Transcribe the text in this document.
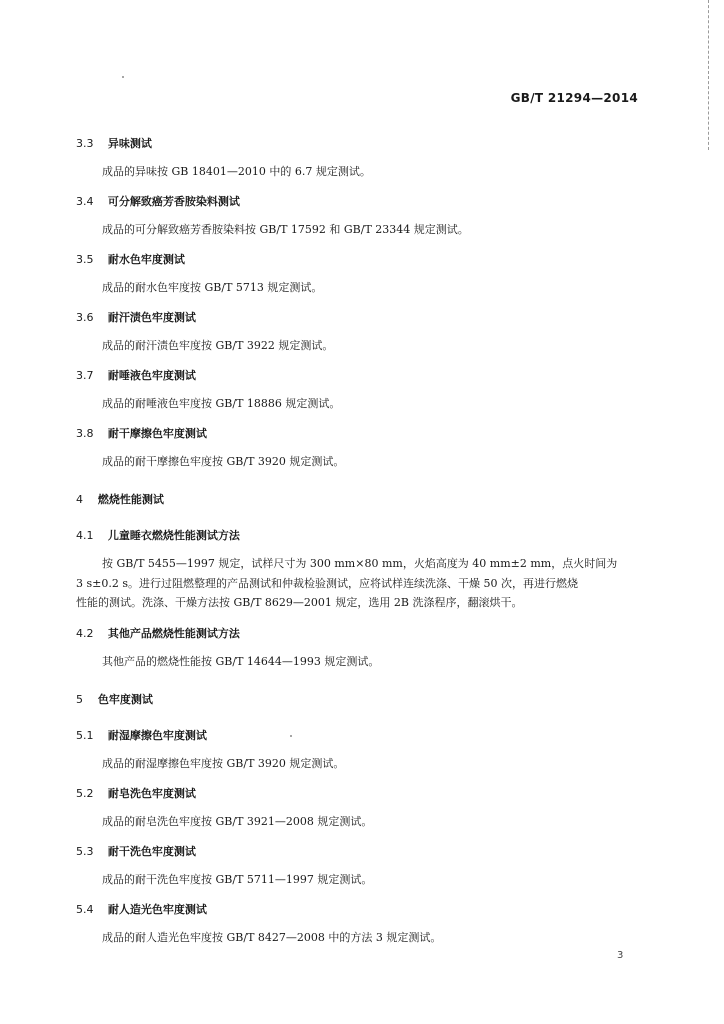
GB/T 21294—2014
3.3 异味测试
成品的异味按 GB 18401—2010 中的 6.7 规定测试。
3.4 可分解致癌芳香胺染料测试
成品的可分解致癌芳香胺染料按 GB/T 17592 和 GB/T 23344 规定测试。
3.5 耐水色牢度测试
成品的耐水色牢度按 GB/T 5713 规定测试。
3.6 耐汗渍色牢度测试
成品的耐汗渍色牢度按 GB/T 3922 规定测试。
3.7 耐唾液色牢度测试
成品的耐唾液色牢度按 GB/T 18886 规定测试。
3.8 耐干摩擦色牢度测试
成品的耐干摩擦色牢度按 GB/T 3920 规定测试。
4 燃烧性能测试
4.1 儿童睡衣燃烧性能测试方法
按 GB/T 5455—1997 规定，试样尺寸为 300 mm×80 mm，火焰高度为 40 mm±2 mm，点火时间为
3 s±0.2 s。进行过阻燃整理的产品测试和仲裁检验测试，应将试样连续洗涤、干燥 50 次，再进行燃烧
性能的测试。洗涤、干燥方法按 GB/T 8629—2001 规定，选用 2B 洗涤程序，翻滚烘干。
4.2 其他产品燃烧性能测试方法
其他产品的燃烧性能按 GB/T 14644—1993 规定测试。
5 色牢度测试
5.1 耐湿摩擦色牢度测试
成品的耐湿摩擦色牢度按 GB/T 3920 规定测试。
5.2 耐皂洗色牢度测试
成品的耐皂洗色牢度按 GB/T 3921—2008 规定测试。
5.3 耐干洗色牢度测试
成品的耐干洗色牢度按 GB/T 5711—1997 规定测试。
5.4 耐人造光色牢度测试
成品的耐人造光色牢度按 GB/T 8427—2008 中的方法 3 规定测试。
3
